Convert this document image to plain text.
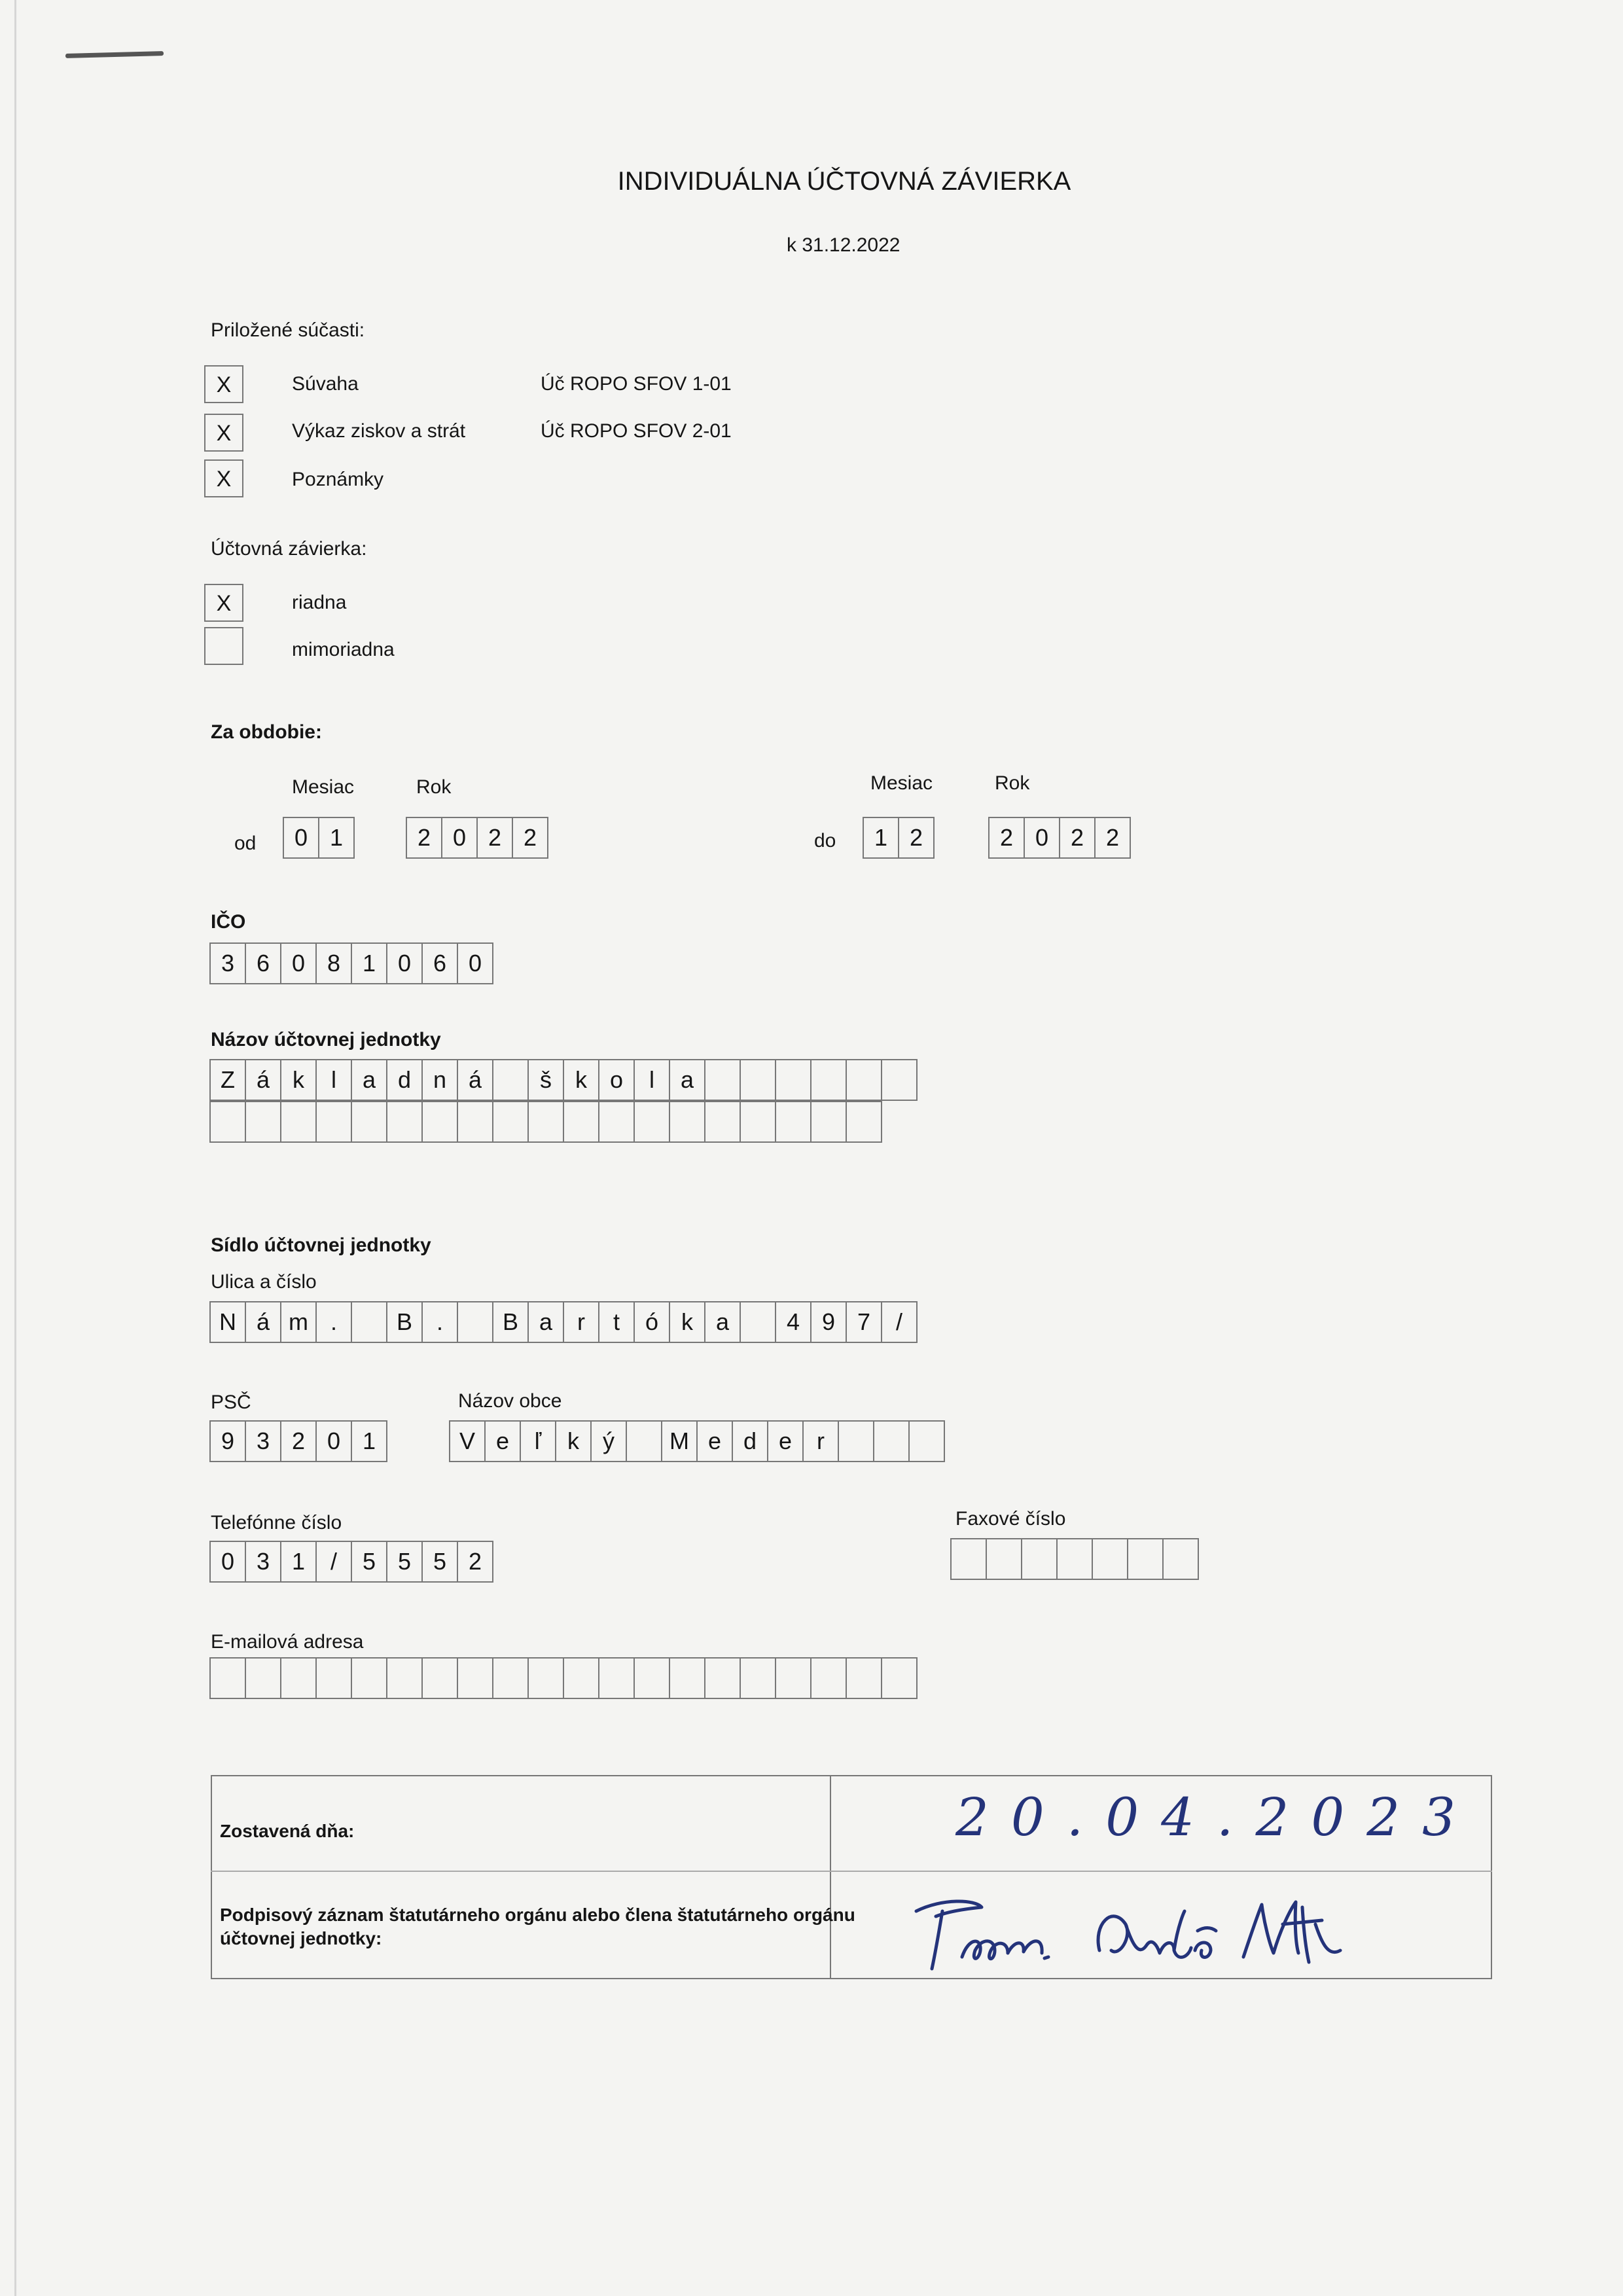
INDIVIDUÁLNA ÚČTOVNÁ ZÁVIERKA
k 31.12.2022
Priložené súčasti:
X	Súvaha	Úč ROPO SFOV 1-01
X	Výkaz ziskov a strát	Úč ROPO SFOV 2-01
X	Poznámky
Účtovná závierka:
X	riadna
mimoriadna
Za obdobie:
Mesiac	Rok
od	0 1	2 0 2 2
Mesiac	Rok
do	1 2	2 0 2 2
IČO
3 6 0 8 1 0 6 0
Názov účtovnej jednotky
Z á k	l	a d n á	š	k o	l	a
Sídlo účtovnej jednotky
Ulica a číslo
N á m .	B	.	B a	r	t	ó k a	4 9 7	/
PSČ	Názov obce
9 3 2 0 1	V e	ľ	k	ý	M e d e	r
Telefónne číslo
0 3 1	/	5 5 5 2
Faxové číslo
E-mailová adresa
Zostavená dňa:	20.04.2023
Podpisový záznam štatutárneho orgánu alebo člena štatutárneho orgánu
účtovnej jednotky:
